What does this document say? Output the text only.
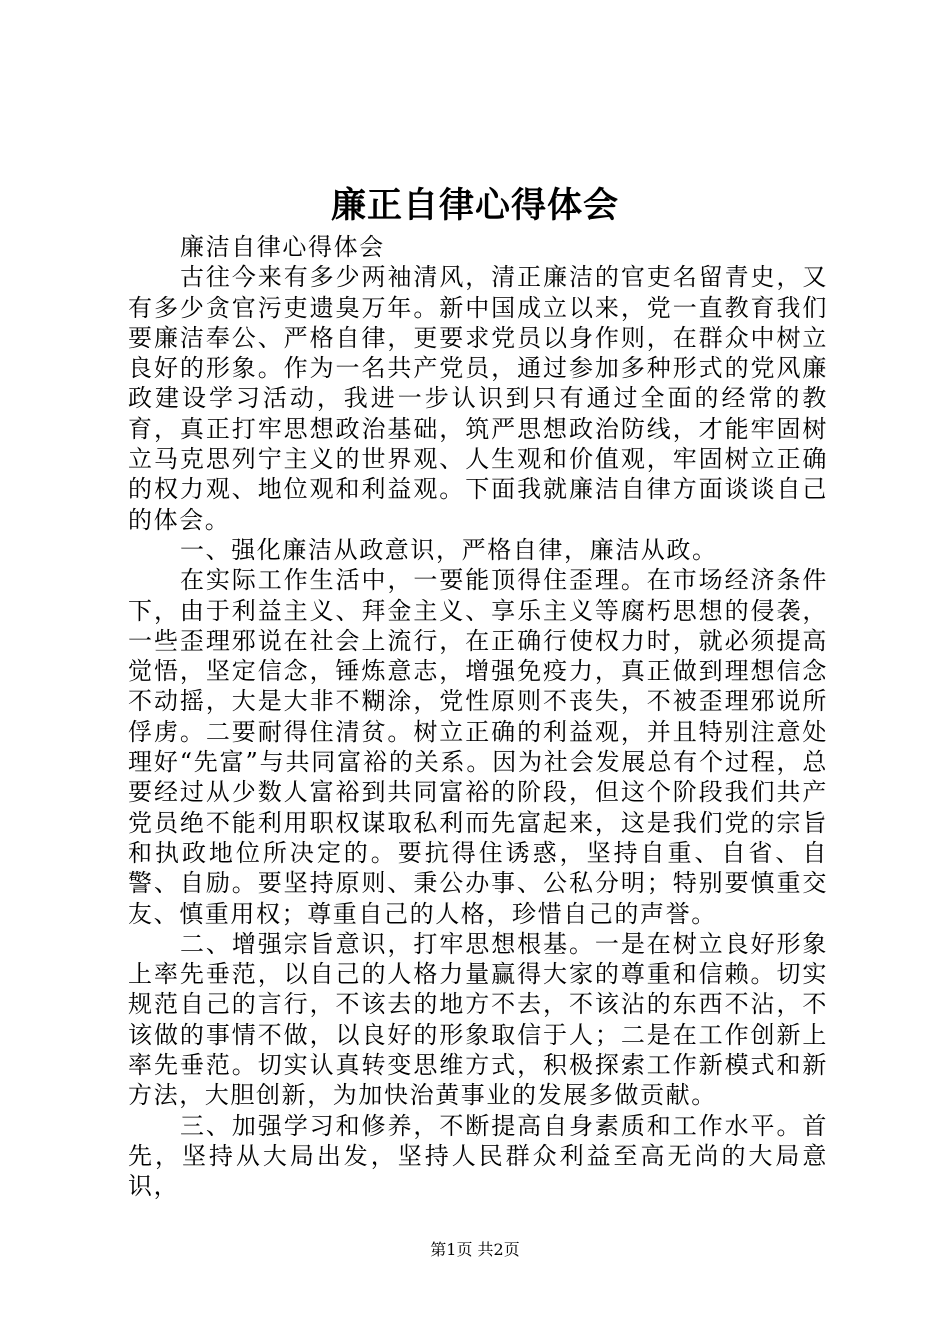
廉正自律心得体会

廉洁自律心得体会

古往今来有多少两袖清风，清正廉洁的官吏名留青史，又有多少贪官污吏遗臭万年。新中国成立以来，党一直教育我们要廉洁奉公、严格自律，更要求党员以身作则，在群众中树立良好的形象。作为一名共产党员，通过参加多种形式的党风廉政建设学习活动，我进一步认识到只有通过全面的经常的教育，真正打牢思想政治基础，筑严思想政治防线，才能牢固树立马克思列宁主义的世界观、人生观和价值观，牢固树立正确的权力观、地位观和利益观。下面我就廉洁自律方面谈谈自己的体会。

一、强化廉洁从政意识，严格自律，廉洁从政。

在实际工作生活中，一要能顶得住歪理。在市场经济条件下，由于利益主义、拜金主义、享乐主义等腐朽思想的侵袭，一些歪理邪说在社会上流行，在正确行使权力时，就必须提高觉悟，坚定信念，锤炼意志，增强免疫力，真正做到理想信念不动摇，大是大非不糊涂，党性原则不丧失，不被歪理邪说所俘虏。二要耐得住清贫。树立正确的利益观，并且特别注意处理好“先富”与共同富裕的关系。因为社会发展总有个过程，总要经过从少数人富裕到共同富裕的阶段，但这个阶段我们共产党员绝不能利用职权谋取私利而先富起来，这是我们党的宗旨和执政地位所决定的。要抗得住诱惑，坚持自重、自省、自警、自励。要坚持原则、秉公办事、公私分明；特别要慎重交友、慎重用权；尊重自己的人格，珍惜自己的声誉。

二、增强宗旨意识，打牢思想根基。一是在树立良好形象上率先垂范，以自己的人格力量赢得大家的尊重和信赖。切实规范自己的言行，不该去的地方不去，不该沾的东西不沾，不该做的事情不做，以良好的形象取信于人；二是在工作创新上率先垂范。切实认真转变思维方式，积极探索工作新模式和新方法，大胆创新，为加快治黄事业的发展多做贡献。

三、加强学习和修养，不断提高自身素质和工作水平。首先，坚持从大局出发，坚持人民群众利益至高无尚的大局意识，

第1页 共2页
